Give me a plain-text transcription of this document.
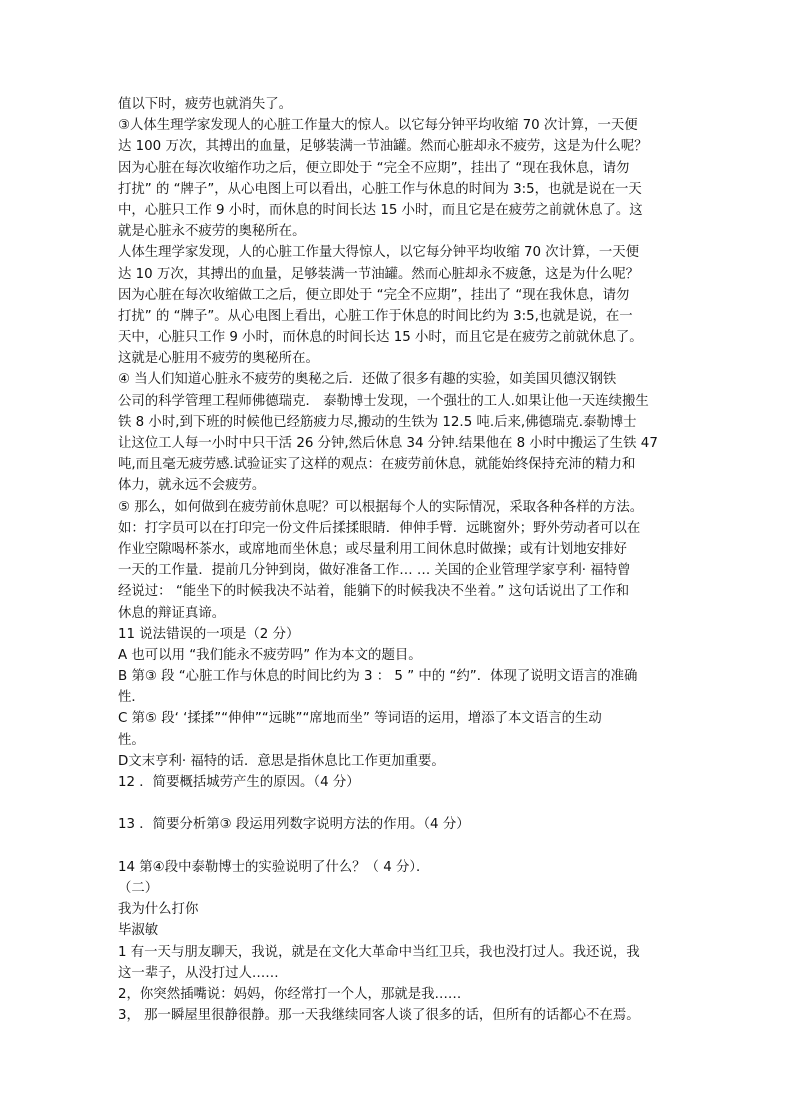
值以下时，疲劳也就消失了。
③人体生理学家发现人的心脏工作量大的惊人。以它每分钟平均收缩 70 次计算，一天便
达 100 万次，其搏出的血量，足够装满一节油罐。然而心脏却永不疲劳，这是为什么呢？
因为心脏在每次收缩作功之后，便立即处于 “完全不应期”，挂出了 “现在我休息，请勿
打扰” 的 “牌子”，从心电图上可以看出，心脏工作与休息的时间为 3:5，也就是说在一天
中，心脏只工作 9 小时，而休息的时间长达 15 小时，而且它是在疲劳之前就休息了。这
就是心脏永不疲劳的奥秘所在。
人体生理学家发现，人的心脏工作量大得惊人，以它每分钟平均收缩 70 次计算，一天便
达 10 万次，其搏出的血量，足够装满一节油罐。然而心脏却永不疲惫，这是为什么呢？
因为心脏在每次收缩做工之后，便立即处于 “完全不应期”，挂出了 “现在我休息，请勿
打扰” 的 “牌子”。从心电图上看出，心脏工作于休息的时间比约为 3:5,也就是说，在一
天中，心脏只工作 9 小时，而休息的时间长达 15 小时，而且它是在疲劳之前就休息了。
这就是心脏用不疲劳的奥秘所在。
④ 当人们知道心脏永不疲劳的奥秘之后．还做了很多有趣的实验，如美国贝德汉钢铁
公司的科学管理工程师佛德瑞克． 泰勒博士发现，一个强壮的工人.如果让他一天连续搬生
铁 8 小时,到下班的时候他已经筋疲力尽,搬动的生铁为 12.5 吨.后来,佛德瑞克.泰勒博士
让这位工人每一小时中只干活 26 分钟,然后休息 34 分钟.结果他在 8 小时中搬运了生铁 47
吨,而且毫无疲劳感.试验证实了这样的观点：在疲劳前休息，就能始终保持充沛的精力和
体力，就永远不会疲劳。
⑤ 那么，如何做到在疲劳前休息呢？可以根据每个人的实际情况，采取各种各样的方法。
如：打字员可以在打印完一份文件后揉揉眼睛．伸伸手臂．远眺窗外；野外劳动者可以在
作业空隙喝杯茶水，或席地而坐休息；或尽量利用工间休息时做操；或有计划地安排好
一天的工作量．提前几分钟到岗，做好准备工作… … 关国的企业管理学家亨利· 福特曾
经说过： “能坐下的时候我决不站着，能躺下的时候我决不坐着。” 这句话说出了工作和
休息的辩证真谛。
11 说法错误的一项是（2 分）
A 也可以用 “我们能永不疲劳吗” 作为本文的题目。
B 第③ 段 “心脏工作与休息的时间比约为 3 ： 5 ” 中的 “约”．体现了说明文语言的准确
性．
C 第⑤ 段‘ ‘揉揉”“伸伸”“远眺”“席地而坐” 等词语的运用，增添了本文语言的生动
性。
D文末亨利· 福特的话．意思是指休息比工作更加重要。
12 ．简要概括城劳产生的原因。（4 分）
13 ．简要分析第③ 段运用列数字说明方法的作用。（4 分）
14 第④段中泰勒博士的实验说明了什么？（ 4 分）．
（二）
我为什么打你
毕淑敏
1 有一天与朋友聊天，我说，就是在文化大革命中当红卫兵，我也没打过人。我还说，我
这一辈子，从没打过人……
2，你突然插嘴说：妈妈，你经常打一个人，那就是我……
3， 那一瞬屋里很静很静。那一天我继续同客人谈了很多的话，但所有的话都心不在焉。
